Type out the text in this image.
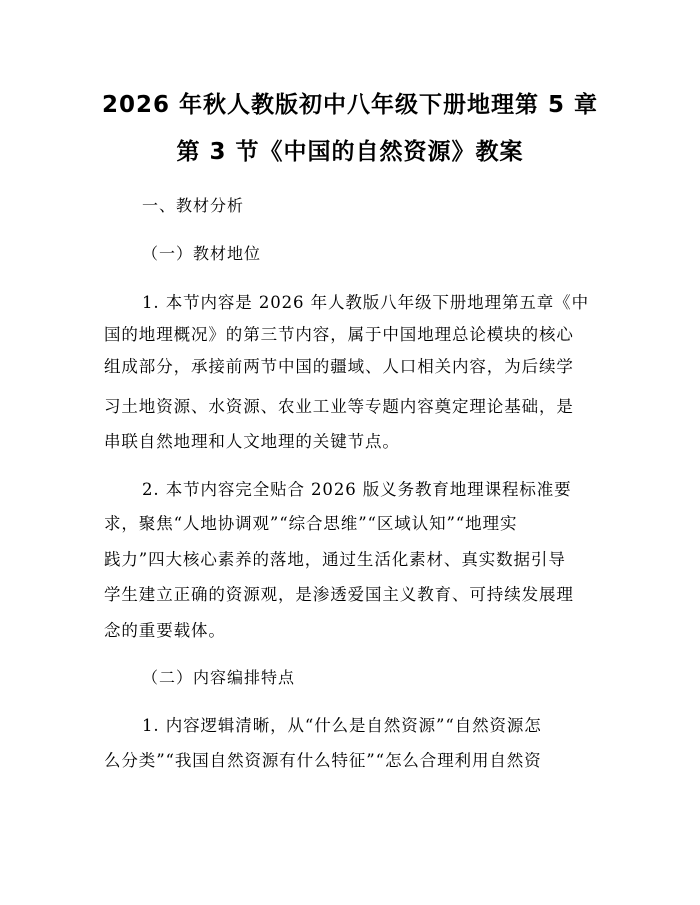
2026 年秋人教版初中八年级下册地理第 5 章
第 3 节《中国的自然资源》教案
一、教材分析
（一）教材地位
1. 本节内容是 2026 年人教版八年级下册地理第五章《中
国的地理概况》的第三节内容，属于中国地理总论模块的核心
组成部分，承接前两节中国的疆域、人口相关内容，为后续学
习土地资源、水资源、农业工业等专题内容奠定理论基础，是
串联自然地理和人文地理的关键节点。
2. 本节内容完全贴合 2026 版义务教育地理课程标准要
求，聚焦“人地协调观”“综合思维”“区域认知”“地理实
践力”四大核心素养的落地，通过生活化素材、真实数据引导
学生建立正确的资源观，是渗透爱国主义教育、可持续发展理
念的重要载体。
（二）内容编排特点
1. 内容逻辑清晰，从“什么是自然资源”“自然资源怎
么分类”“我国自然资源有什么特征”“怎么合理利用自然资
